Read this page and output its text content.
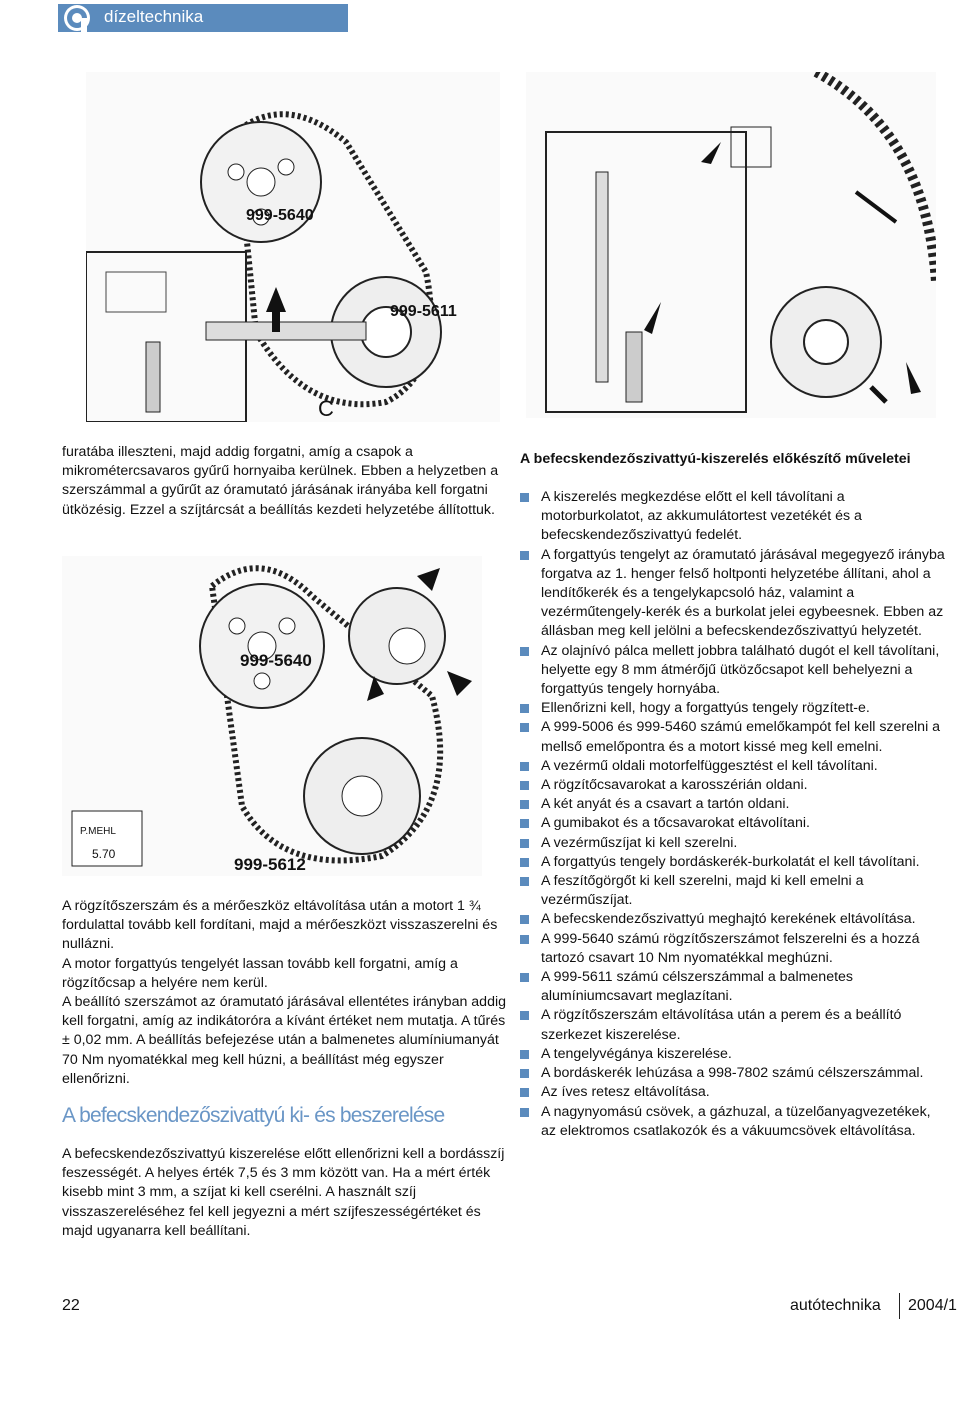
dízeltechnika
999-5640
999-5611
C
P.MEHL
5.70
999-5640
999-5612

furatába illeszteni, majd addig forgatni, amíg a csapok a mikrométercsavaros gyűrű hornyaiba kerülnek. Ebben a helyzetben a szerszámmal a gyűrűt az óramutató járásának irányába kell forgatni ütközésig. Ezzel a szíjtárcsát a beállítás kezdeti helyzetébe állítottuk.

A rögzítőszerszám és a mérőeszköz eltávolítása után a motort 1 ¾ fordulattal tovább kell fordítani, majd a mérőeszközt visszaszerelni és nullázni.

A motor forgattyús tengelyét lassan tovább kell forgatni, amíg a rögzítőcsap a helyére nem kerül.

A beállító szerszámot az óramutató járásával ellentétes irányban addig kell forgatni, amíg az indikátoróra a kívánt értéket nem mutatja. A tűrés ± 0,02 mm. A beállítás befejezése után a balmenetes alumíniumanyát 70 Nm nyomatékkal meg kell húzni, a beállítást még egyszer ellenőrizni.

A befecskendezőszivattyú ki- és beszerelése

A befecskendezőszivattyú kiszerelése előtt ellenőrizni kell a bordásszíj feszességét. A helyes érték 7,5 és 3 mm között van. Ha a mért érték kisebb mint 3 mm, a szíjat ki kell cserélni. A használt szíj visszaszereléséhez fel kell jegyezni a mért szíjfeszességértéket és majd ugyanarra kell beállítani.

A befecskendezőszivattyú-kiszerelés előkészítő műveletei
A kiszerelés megkezdése előtt el kell távolítani a motorburkolatot, az akkumulátortest vezetékét és a befecskendezőszivattyú fedelét.
A forgattyús tengelyt az óramutató járásával megegyező irányba forgatva az 1. henger felső holtponti helyzetébe állítani, ahol a lendítőkerék és a tengelykapcsoló ház, valamint a vezérműtengely-kerék és a burkolat jelei egybeesnek. Ebben az állásban meg kell jelölni a befecskendezőszivattyú helyzetét.
Az olajnívó pálca mellett jobbra található dugót el kell távolítani, helyette egy 8 mm átmérőjű ütközőcsapot kell behelyezni a forgattyús tengely hornyába.
Ellenőrizni kell, hogy a forgattyús tengely rögzített-e.
A 999-5006 és 999-5460 számú emelőkampót fel kell szerelni a mellső emelőpontra és a motort kissé meg kell emelni.
A vezérmű oldali motorfelfüggesztést el kell távolítani.
A rögzítőcsavarokat a karosszérián oldani.
A két anyát és a csavart a tartón oldani.
A gumibakot és a tőcsavarokat eltávolítani.
A vezérműszíjat ki kell szerelni.
A forgattyús tengely bordáskerék-burkolatát el kell távolítani.
A feszítőgörgőt ki kell szerelni, majd ki kell emelni a vezérműszíjat.
A befecskendezőszivattyú meghajtó kerekének eltávolítása.
A 999-5640 számú rögzítőszerszámot felszerelni és a hozzá tartozó csavart 10 Nm nyomatékkal meghúzni.
A 999-5611 számú célszerszámmal a balmenetes alumíniumcsavart meglazítani.
A rögzítőszerszám eltávolítása után a perem és a beállító szerkezet kiszerelése.
A tengelyvégánya kiszerelése.
A bordáskerék lehúzása a 998-7802 számú célszerszámmal.
Az íves retesz eltávolítása.
A nagynyomású csövek, a gázhuzal, a tüzelőanyagvezetékek, az elektromos csatlakozók és a vákuumcsövek eltávolítása.
22	autótechnika 2004/1
